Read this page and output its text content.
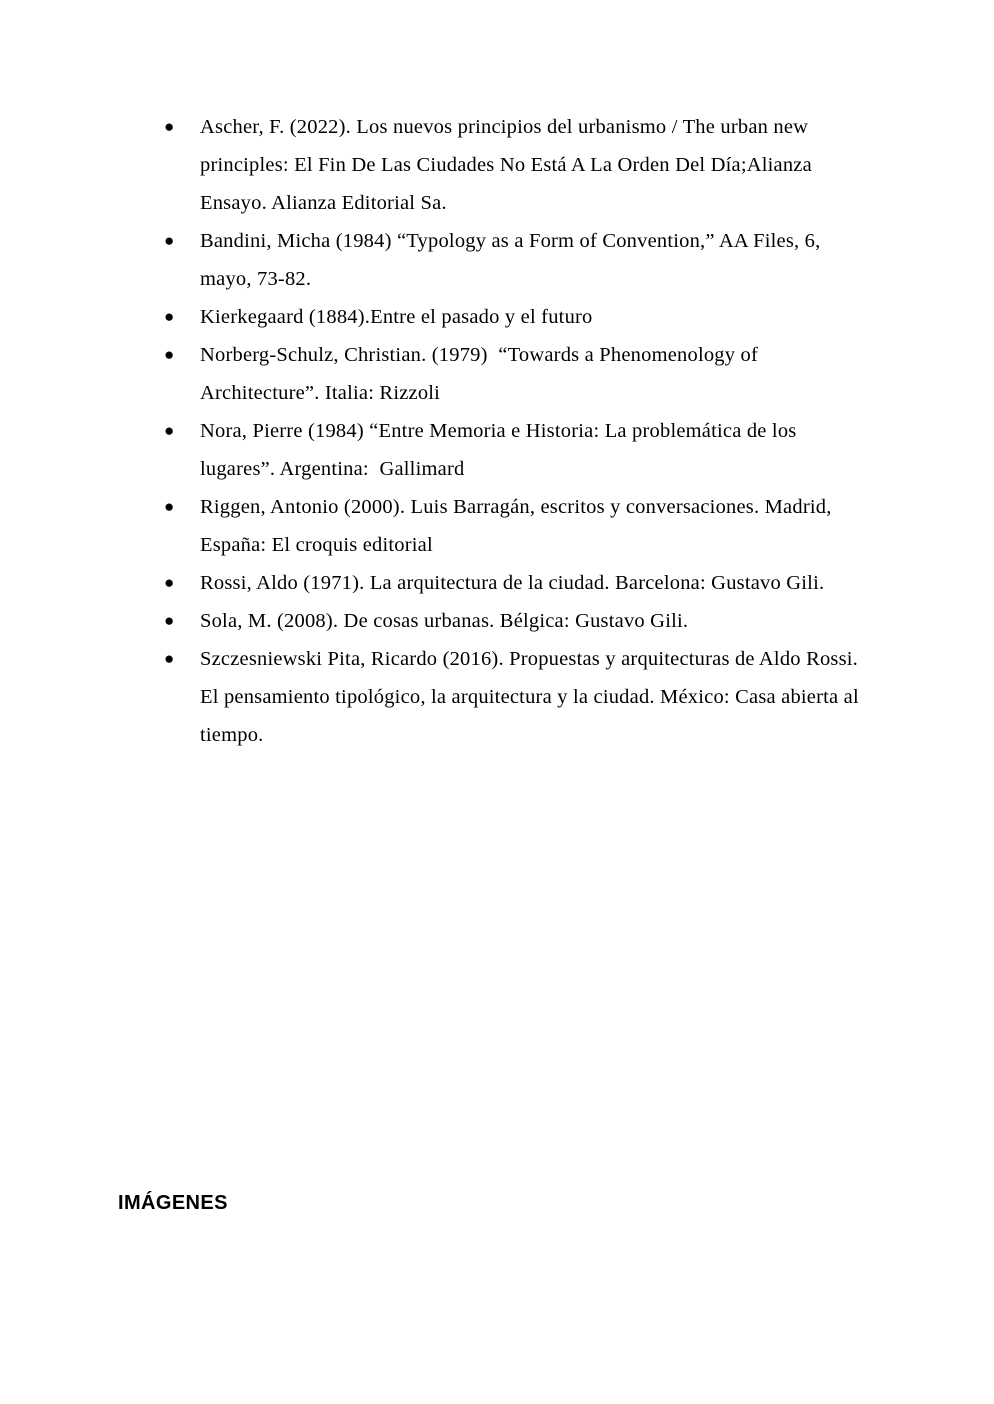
● Ascher, F. (2022). Los nuevos principios del urbanismo / The urban new principles: El Fin De Las Ciudades No Está A La Orden Del Día;Alianza Ensayo. Alianza Editorial Sa.
● Bandini, Micha (1984) “Typology as a Form of Convention,” AA Files, 6, mayo, 73-82.
● Kierkegaard (1884).Entre el pasado y el futuro
● Norberg-Schulz, Christian. (1979)  “Towards a Phenomenology of Architecture”. Italia: Rizzoli
● Nora, Pierre (1984) “Entre Memoria e Historia: La problemática de los lugares”. Argentina:  Gallimard
● Riggen, Antonio (2000). Luis Barragán, escritos y conversaciones. Madrid, España: El croquis editorial
● Rossi, Aldo (1971). La arquitectura de la ciudad. Barcelona: Gustavo Gili.
● Sola, M. (2008). De cosas urbanas. Bélgica: Gustavo Gili.
● Szczesniewski Pita, Ricardo (2016). Propuestas y arquitecturas de Aldo Rossi. El pensamiento tipológico, la arquitectura y la ciudad. México: Casa abierta al tiempo.
IMÁGENES
